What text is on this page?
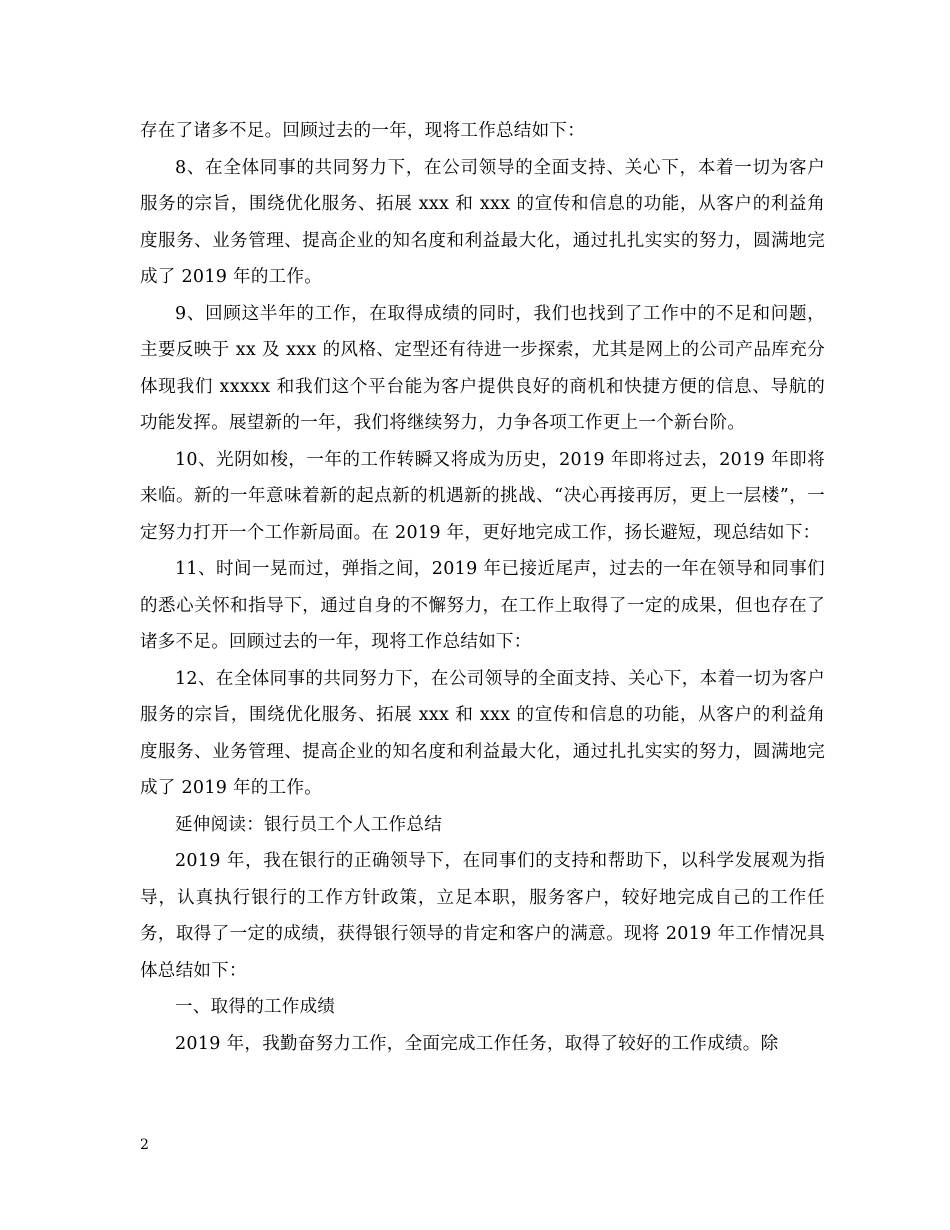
存在了诸多不足。回顾过去的一年，现将工作总结如下：

8、在全体同事的共同努力下，在公司领导的全面支持、关心下，本着一切为客户服务的宗旨，围绕优化服务、拓展 xxx 和 xxx 的宣传和信息的功能，从客户的利益角度服务、业务管理、提高企业的知名度和利益最大化，通过扎扎实实的努力，圆满地完成了 2019 年的工作。

9、回顾这半年的工作，在取得成绩的同时，我们也找到了工作中的不足和问题，主要反映于 xx 及 xxx 的风格、定型还有待进一步探索，尤其是网上的公司产品库充分体现我们 xxxxx 和我们这个平台能为客户提供良好的商机和快捷方便的信息、导航的功能发挥。展望新的一年，我们将继续努力，力争各项工作更上一个新台阶。

10、光阴如梭，一年的工作转瞬又将成为历史，2019 年即将过去，2019 年即将来临。新的一年意味着新的起点新的机遇新的挑战、“决心再接再厉，更上一层楼”，一定努力打开一个工作新局面。在 2019 年，更好地完成工作，扬长避短，现总结如下：

11、时间一晃而过，弹指之间，2019 年已接近尾声，过去的一年在领导和同事们的悉心关怀和指导下，通过自身的不懈努力，在工作上取得了一定的成果，但也存在了诸多不足。回顾过去的一年，现将工作总结如下：

12、在全体同事的共同努力下，在公司领导的全面支持、关心下，本着一切为客户服务的宗旨，围绕优化服务、拓展 xxx 和 xxx 的宣传和信息的功能，从客户的利益角度服务、业务管理、提高企业的知名度和利益最大化，通过扎扎实实的努力，圆满地完成了 2019 年的工作。

延伸阅读：银行员工个人工作总结

2019 年，我在银行的正确领导下，在同事们的支持和帮助下，以科学发展观为指导，认真执行银行的工作方针政策，立足本职，服务客户，较好地完成自己的工作任务，取得了一定的成绩，获得银行领导的肯定和客户的满意。现将 2019 年工作情况具体总结如下：

一、取得的工作成绩

2019 年，我勤奋努力工作，全面完成工作任务，取得了较好的工作成绩。除

2
